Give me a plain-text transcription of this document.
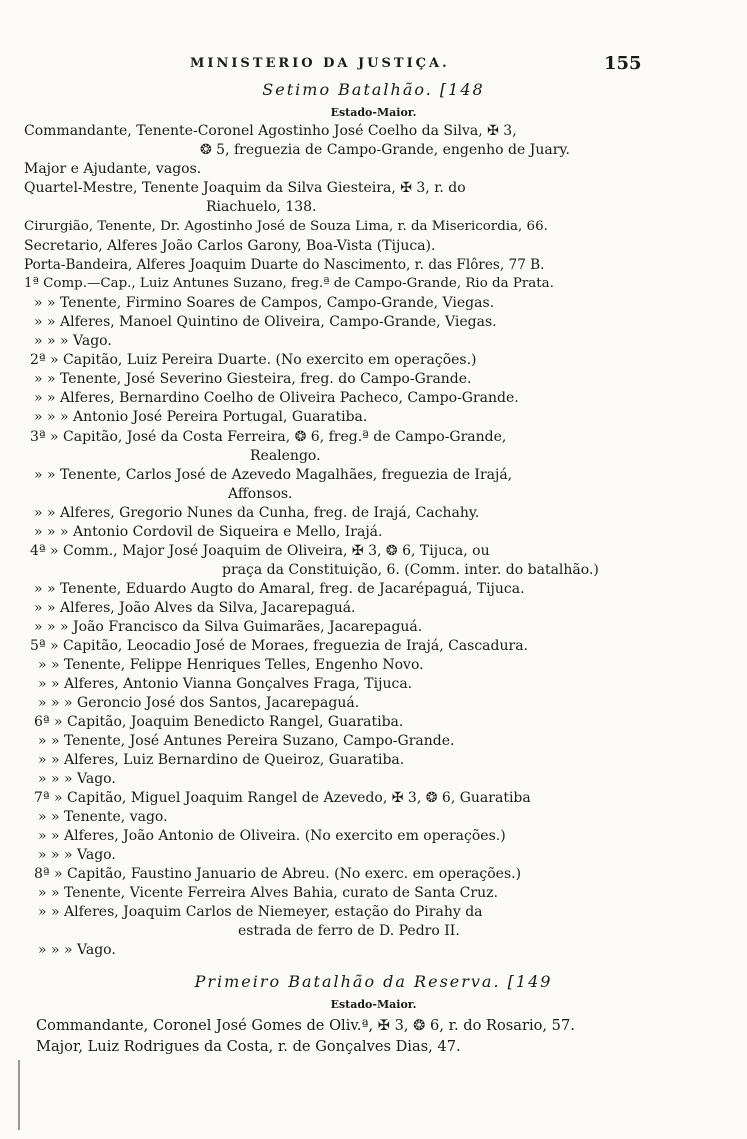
MINISTERIO DA JUSTIÇA.	155
Setimo Batalhão. [148
Estado-Maior.
Commandante, Tenente-Coronel Agostinho José Coelho da Silva, ✠ 3,
❂ 5, freguezia de Campo-Grande, engenho de Juary.
Major e Ajudante, vagos.
Quartel-Mestre, Tenente Joaquim da Silva Giesteira, ✠ 3, r. do
Riachuelo, 138.
Cirurgião, Tenente, Dr. Agostinho José de Souza Lima, r. da Misericordia, 66.
Secretario, Alferes João Carlos Garony, Boa-Vista (Tijuca).
Porta-Bandeira, Alferes Joaquim Duarte do Nascimento, r. das Flôres, 77 B.
1ª Comp.—Cap., Luiz Antunes Suzano, freg.ª de Campo-Grande, Rio da Prata.
» » Tenente, Firmino Soares de Campos, Campo-Grande, Viegas.
» » Alferes, Manoel Quintino de Oliveira, Campo-Grande, Viegas.
» » » Vago.
2ª » Capitão, Luiz Pereira Duarte. (No exercito em operações.)
» » Tenente, José Severino Giesteira, freg. do Campo-Grande.
» » Alferes, Bernardino Coelho de Oliveira Pacheco, Campo-Grande.
» » » Antonio José Pereira Portugal, Guaratiba.
3ª » Capitão, José da Costa Ferreira, ❂ 6, freg.ª de Campo-Grande,
Realengo.
» » Tenente, Carlos José de Azevedo Magalhães, freguezia de Irajá,
Affonsos.
» » Alferes, Gregorio Nunes da Cunha, freg. de Irajá, Cachahy.
» » » Antonio Cordovil de Siqueira e Mello, Irajá.
4ª » Comm., Major José Joaquim de Oliveira, ✠ 3, ❂ 6, Tijuca, ou
praça da Constituição, 6. (Comm. inter. do batalhão.)
» » Tenente, Eduardo Augto do Amaral, freg. de Jacarépaguá, Tijuca.
» » Alferes, João Alves da Silva, Jacarepaguá.
» » » João Francisco da Silva Guimarães, Jacarepaguá.
5ª » Capitão, Leocadio José de Moraes, freguezia de Irajá, Cascadura.
» » Tenente, Felippe Henriques Telles, Engenho Novo.
» » Alferes, Antonio Vianna Gonçalves Fraga, Tijuca.
» » » Geroncio José dos Santos, Jacarepaguá.
6ª » Capitão, Joaquim Benedicto Rangel, Guaratiba.
» » Tenente, José Antunes Pereira Suzano, Campo-Grande.
» » Alferes, Luiz Bernardino de Queiroz, Guaratiba.
» » » Vago.
7ª » Capitão, Miguel Joaquim Rangel de Azevedo, ✠ 3, ❂ 6, Guaratiba
» » Tenente, vago.
» » Alferes, João Antonio de Oliveira. (No exercito em operações.)
» » » Vago.
8ª » Capitão, Faustino Januario de Abreu. (No exerc. em operações.)
» » Tenente, Vicente Ferreira Alves Bahia, curato de Santa Cruz.
» » Alferes, Joaquim Carlos de Niemeyer, estação do Pirahy da
estrada de ferro de D. Pedro II.
» » » Vago.
Primeiro Batalhão da Reserva. [149
Estado-Maior.
Commandante, Coronel José Gomes de Oliv.ª, ✠ 3, ❂ 6, r. do Rosario, 57.
Major, Luiz Rodrigues da Costa, r. de Gonçalves Dias, 47.
